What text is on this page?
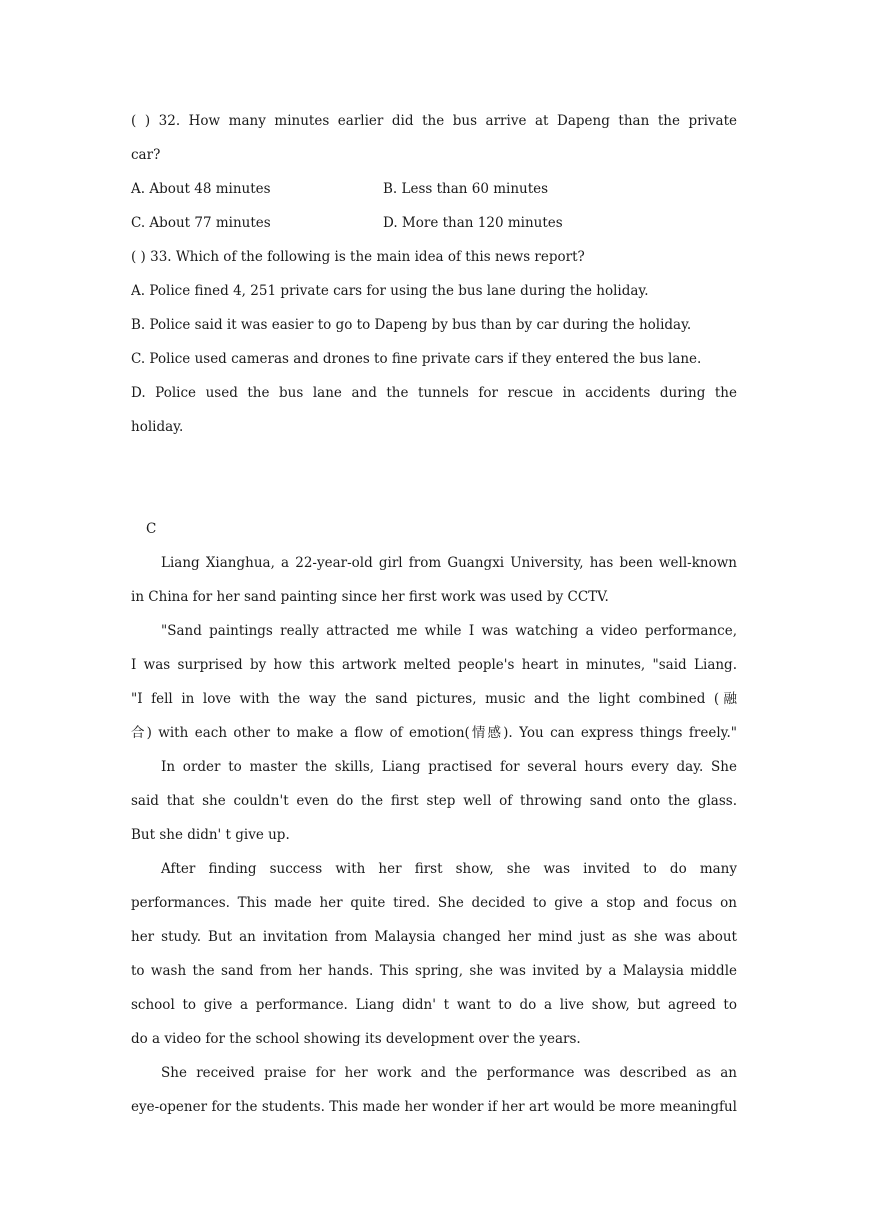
( ) 32. How many minutes earlier did the bus arrive at Dapeng than the private
car?
A. About 48 minutes	B. Less than 60 minutes
C. About 77 minutes	D. More than 120 minutes
( ) 33. Which of the following is the main idea of this news report?
A. Police fined 4, 251 private cars for using the bus lane during the holiday.
B. Police said it was easier to go to Dapeng by bus than by car during the holiday.
C. Police used cameras and drones to fine private cars if they entered the bus lane.
D. Police used the bus lane and the tunnels for rescue in accidents during the
holiday.
C
Liang Xianghua, a 22-year-old girl from Guangxi University, has been well-known
in China for her sand painting since her first work was used by CCTV.
"Sand paintings really attracted me while I was watching a video performance,
I was surprised by how this artwork melted people's heart in minutes, "said Liang.
"I fell in love with the way the sand pictures, music and the light combined (融
合) with each other to make a flow of emotion(情感). You can express things freely."
In order to master the skills, Liang practised for several hours every day. She
said that she couldn't even do the first step well of throwing sand onto the glass.
But she didn' t give up.
After finding success with her first show, she was invited to do many
performances. This made her quite tired. She decided to give a stop and focus on
her study. But an invitation from Malaysia changed her mind just as she was about
to wash the sand from her hands. This spring, she was invited by a Malaysia middle
school to give a performance. Liang didn' t want to do a live show, but agreed to
do a video for the school showing its development over the years.
She received praise for her work and the performance was described as an
eye-opener for the students. This made her wonder if her art would be more meaningful
